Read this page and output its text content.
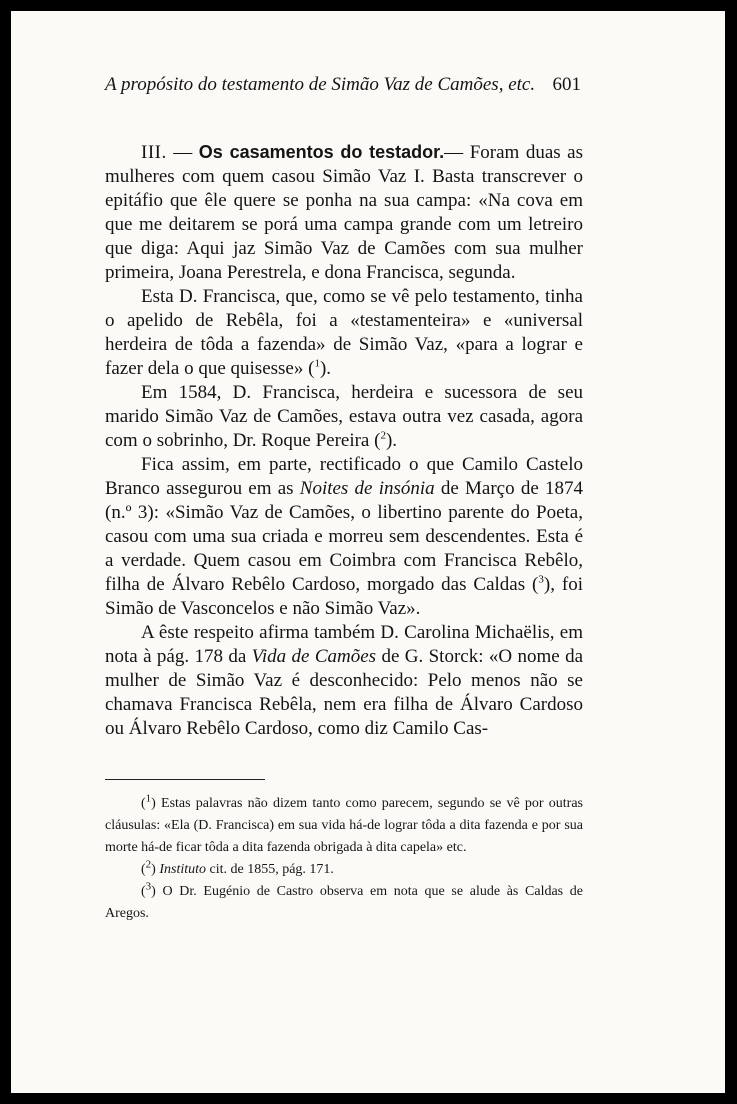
A propósito do testamento de Simão Vaz de Camões, etc. 601

III. — Os casamentos do testador.— Foram duas as mulheres com quem casou Simão Vaz I. Basta transcrever o epitáfio que êle quere se ponha na sua campa: «Na cova em que me deitarem se porá uma campa grande com um letreiro que diga: Aqui jaz Simão Vaz de Camões com sua mulher primeira, Joana Perestrela, e dona Francisca, segunda.

Esta D. Francisca, que, como se vê pelo testamento, tinha o apelido de Rebêla, foi a «testamenteira» e «universal herdeira de tôda a fazenda» de Simão Vaz, «para a lograr e fazer dela o que quisesse» ($^1$).

Em 1584, D. Francisca, herdeira e sucessora de seu marido Simão Vaz de Camões, estava outra vez casada, agora com o sobrinho, Dr. Roque Pereira ($^2$).

Fica assim, em parte, rectificado o que Camilo Castelo Branco assegurou em as Noites de insónia de Março de 1874 (n.º 3): «Simão Vaz de Camões, o libertino parente do Poeta, casou com uma sua criada e morreu sem descendentes. Esta é a verdade. Quem casou em Coimbra com Francisca Rebêlo, filha de Álvaro Rebêlo Cardoso, morgado das Caldas ($^3$), foi Simão de Vasconcelos e não Simão Vaz».

A êste respeito afirma também D. Carolina Michaëlis, em nota à pág. 178 da Vida de Camões de G. Storck: «O nome da mulher de Simão Vaz é desconhecido: Pelo menos não se chamava Francisca Rebêla, nem era filha de Álvaro Cardoso ou Álvaro Rebêlo Cardoso, como diz Camilo Cas-

($^1$) Estas palavras não dizem tanto como parecem, segundo se vê por outras cláusulas: «Ela (D. Francisca) em sua vida há-de lograr tôda a dita fazenda e por sua morte há-de ficar tôda a dita fazenda obrigada à dita capela» etc.

($^2$) Instituto cit. de 1855, pág. 171.

($^3$) O Dr. Eugénio de Castro observa em nota que se alude às Caldas de Aregos.
